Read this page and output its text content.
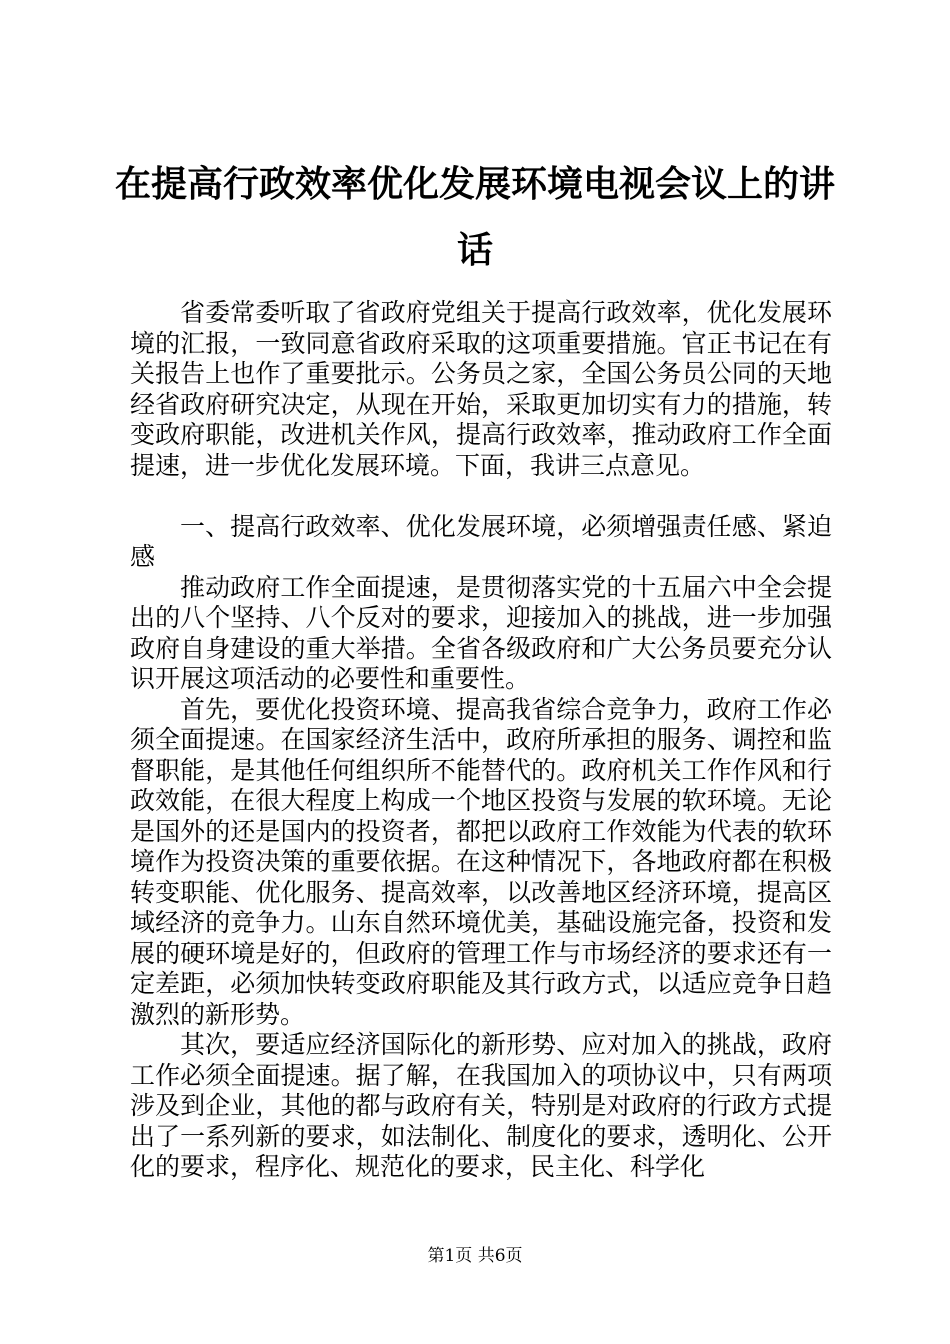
在提高行政效率优化发展环境电视会议上的讲话

省委常委听取了省政府党组关于提高行政效率，优化发展环境的汇报，一致同意省政府采取的这项重要措施。官正书记在有关报告上也作了重要批示。公务员之家，全国公务员公同的天地经省政府研究决定，从现在开始，采取更加切实有力的措施，转变政府职能，改进机关作风，提高行政效率，推动政府工作全面提速，进一步优化发展环境。下面，我讲三点意见。

一、提高行政效率、优化发展环境，必须增强责任感、紧迫感

推动政府工作全面提速，是贯彻落实党的十五届六中全会提出的八个坚持、八个反对的要求，迎接加入的挑战，进一步加强政府自身建设的重大举措。全省各级政府和广大公务员要充分认识开展这项活动的必要性和重要性。

首先，要优化投资环境、提高我省综合竞争力，政府工作必须全面提速。在国家经济生活中，政府所承担的服务、调控和监督职能，是其他任何组织所不能替代的。政府机关工作作风和行政效能，在很大程度上构成一个地区投资与发展的软环境。无论是国外的还是国内的投资者，都把以政府工作效能为代表的软环境作为投资决策的重要依据。在这种情况下，各地政府都在积极转变职能、优化服务、提高效率，以改善地区经济环境，提高区域经济的竞争力。山东自然环境优美，基础设施完备，投资和发展的硬环境是好的，但政府的管理工作与市场经济的要求还有一定差距，必须加快转变政府职能及其行政方式，以适应竞争日趋激烈的新形势。

其次，要适应经济国际化的新形势、应对加入的挑战，政府工作必须全面提速。据了解，在我国加入的项协议中，只有两项涉及到企业，其他的都与政府有关，特别是对政府的行政方式提出了一系列新的要求，如法制化、制度化的要求，透明化、公开化的要求，程序化、规范化的要求，民主化、科学化

第1页 共6页
